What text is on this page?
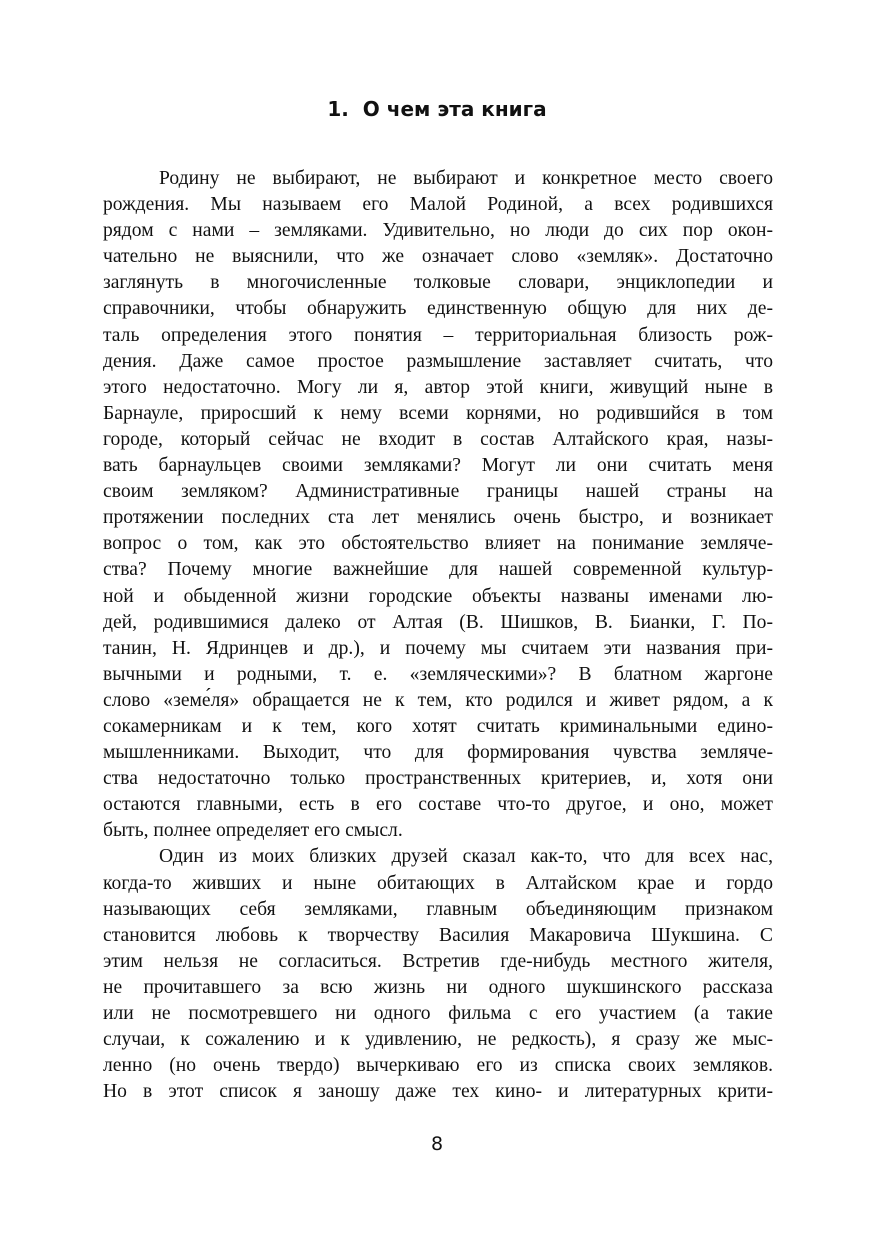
1.  О чем эта книга
Родину не выбирают, не выбирают и конкретное место своего
рождения. Мы называем его Малой Родиной, а всех родившихся
рядом с нами – земляками. Удивительно, но люди до сих пор окон-
чательно не выяснили, что же означает слово «земляк». Достаточно
заглянуть в многочисленные толковые словари, энциклопедии и
справочники, чтобы обнаружить единственную общую для них де-
таль определения этого понятия – территориальная близость рож-
дения. Даже самое простое размышление заставляет считать, что
этого недостаточно. Могу ли я, автор этой книги, живущий ныне в
Барнауле, приросший к нему всеми корнями, но родившийся в том
городе, который сейчас не входит в состав Алтайского края, назы-
вать барнаульцев своими земляками? Могут ли они считать меня
своим земляком? Административные границы нашей страны на
протяжении последних ста лет менялись очень быстро, и возникает
вопрос о том, как это обстоятельство влияет на понимание земляче-
ства? Почему многие важнейшие для нашей современной культур-
ной и обыденной жизни городские объекты названы именами лю-
дей, родившимися далеко от Алтая (В. Шишков, В. Бианки, Г. По-
танин, Н. Ядринцев и др.), и почему мы считаем эти названия при-
вычными и родными, т. е. «земляческими»? В блатном жаргоне
слово «земе́ля» обращается не к тем, кто родился и живет рядом, а к
сокамерникам и к тем, кого хотят считать криминальными едино-
мышленниками. Выходит, что для формирования чувства земляче-
ства недостаточно только пространственных критериев, и, хотя они
остаются главными, есть в его составе что-то другое, и оно, может
быть, полнее определяет его смысл.
Один из моих близких друзей сказал как-то, что для всех нас,
когда-то живших и ныне обитающих в Алтайском крае и гордо
называющих себя земляками, главным объединяющим признаком
становится любовь к творчеству Василия Макаровича Шукшина. С
этим нельзя не согласиться. Встретив где-нибудь местного жителя,
не прочитавшего за всю жизнь ни одного шукшинского рассказа
или не посмотревшего ни одного фильма с его участием (а такие
случаи, к сожалению и к удивлению, не редкость), я сразу же мыс-
ленно (но очень твердо) вычеркиваю его из списка своих земляков.
Но в этот список я заношу даже тех кино- и литературных крити-
8
